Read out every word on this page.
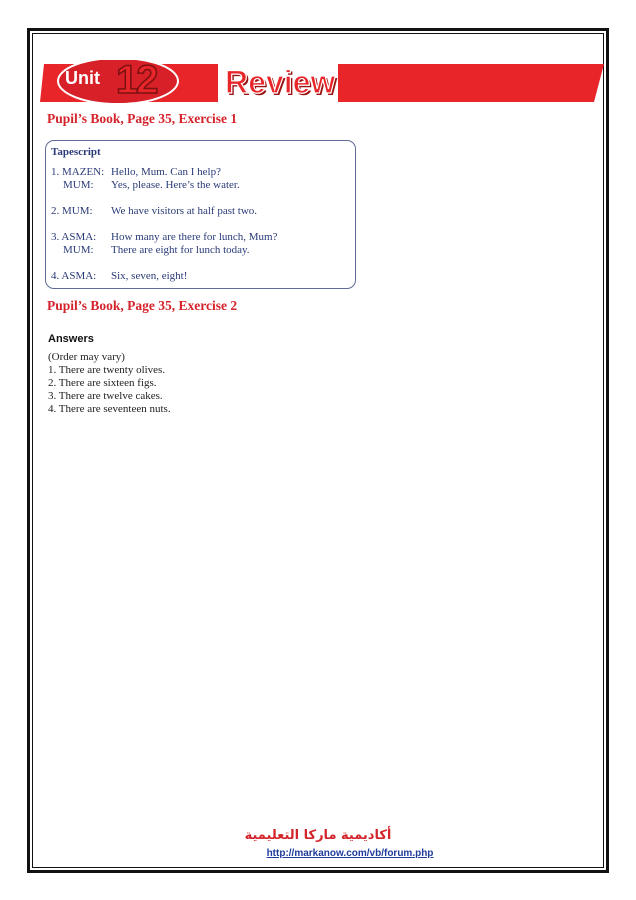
Unit 12 Review
Pupil’s Book, Page 35, Exercise 1
Tapescript
1. MAZEN: Hello, Mum. Can I help?
MUM: Yes, please. Here’s the water.
2. MUM: We have visitors at half past two.
3. ASMA: How many are there for lunch, Mum?
MUM: There are eight for lunch today.
4. ASMA: Six, seven, eight!
Pupil’s Book, Page 35, Exercise 2
Answers
(Order may vary)
1. There are twenty olives.
2. There are sixteen figs.
3. There are twelve cakes.
4. There are seventeen nuts.
أكاديمية ماركا التعليمية
http://markanow.com/vb/forum.php
